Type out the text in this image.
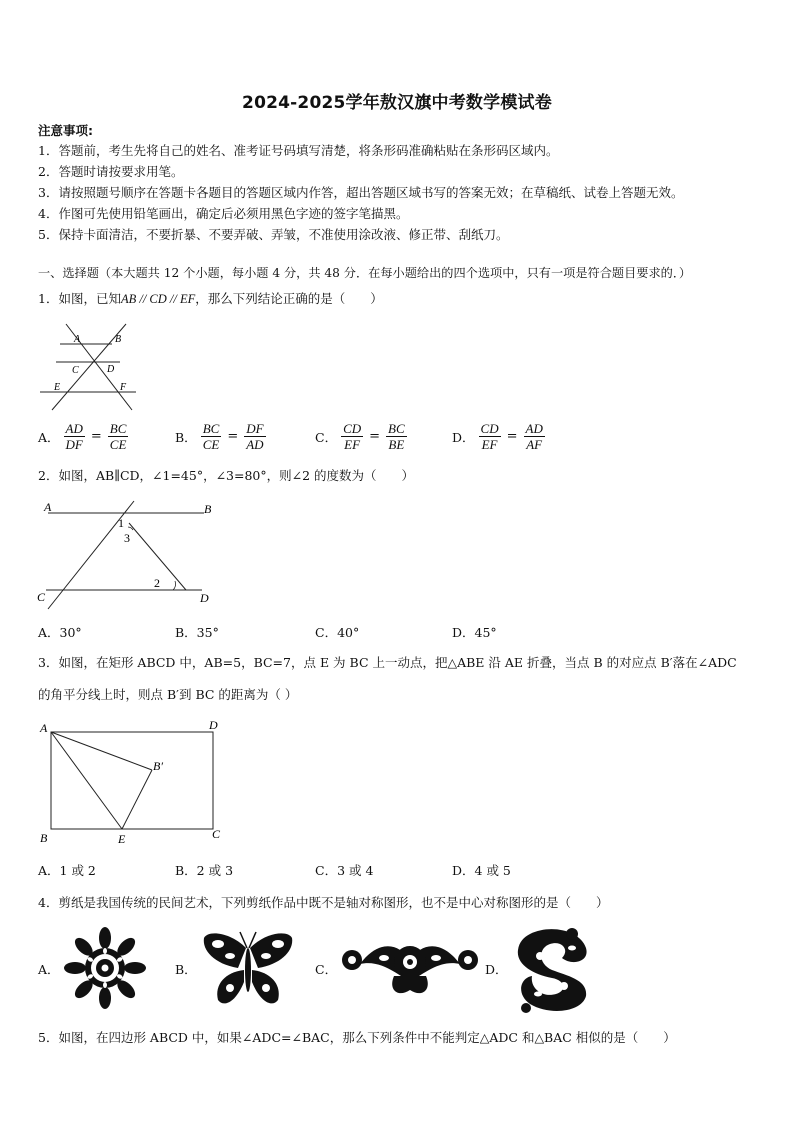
2024-2025学年敖汉旗中考数学模试卷
注意事项:
1．答题前，考生先将自己的姓名、准考证号码填写清楚，将条形码准确粘贴在条形码区域内。
2．答题时请按要求用笔。
3．请按照题号顺序在答题卡各题目的答题区域内作答，超出答题区域书写的答案无效；在草稿纸、试卷上答题无效。
4．作图可先使用铅笔画出，确定后必须用黑色字迹的签字笔描黑。
5．保持卡面清洁，不要折暴、不要弄破、弄皱，不准使用涂改液、修正带、刮纸刀。
一、选择题（本大题共 12 个小题，每小题 4 分，共 48 分．在每小题给出的四个选项中，只有一项是符合题目要求的．）
1．如图，已知AB // CD // EF，那么下列结论正确的是（　　）
A	B
C	D
E	F
A． $\frac{AD}{DF} = \frac{BC}{CE}$	B． $\frac{BC}{CE} = \frac{DF}{AD}$	C． $\frac{CD}{EF} = \frac{BC}{BE}$	D． $\frac{CD}{EF} = \frac{AD}{AF}$
2．如图，AB∥CD，∠1=45°，∠3=80°，则∠2 的度数为（　　）
A	B
C	D
1
3
2
A．30°	B．35°	C．40°	D．45°
3．如图，在矩形 ABCD 中，AB=5，BC=7，点 E 为 BC 上一动点，把△ABE 沿 AE 折叠，当点 B 的对应点 B′落在∠ADC
的角平分线上时，则点 B′到 BC 的距离为（ ）
A	D
B′
B	E	C
A．1 或 2	B．2 或 3	C．3 或 4	D．4 或 5
4．剪纸是我国传统的民间艺术，下列剪纸作品中既不是轴对称图形，也不是中心对称图形的是（　　）
A．	B．	C．	D．
5．如图，在四边形 ABCD 中，如果∠ADC=∠BAC，那么下列条件中不能判定△ADC 和△BAC 相似的是（　　）
